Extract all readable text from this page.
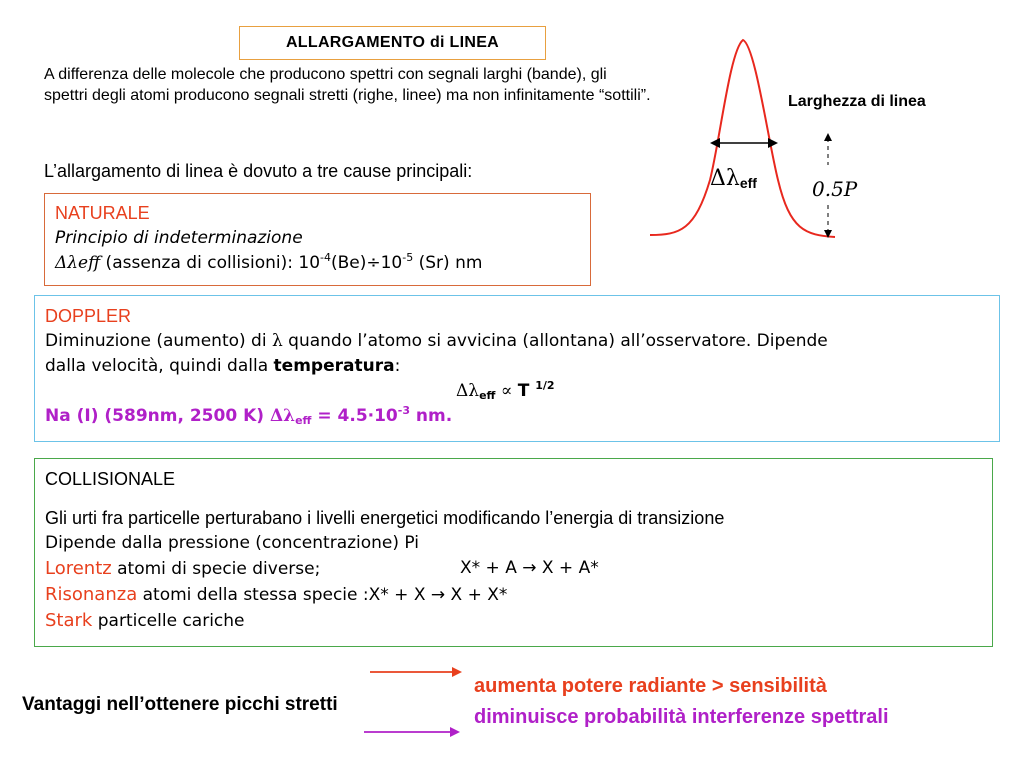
ALLARGAMENTO di LINEA
A differenza delle molecole che producono spettri con segnali larghi (bande), gli spettri degli atomi producono segnali stretti (righe, linee) ma non infinitamente “sottili”.
L’allargamento di linea è dovuto a tre cause principali:
Larghezza di linea
$\Delta\lambda_{eff}$	0.5P
NATURALE
Principio di indeterminazione
Δλeff (assenza di collisioni): $10^{-4}(Be)\div 10^{-5}$ (Sr) nm
DOPPLER
Diminuzione (aumento) di λ quando l’atomo si avvicina (allontana) all’osservatore. Dipende
dalla velocità, quindi dalla temperatura:
$\Delta\lambda_{eff} \propto T$ $^{1/2}$
Na (I) (589nm, 2500 K) $\Delta\lambda_{eff} = 4.5\cdot 10^{-3}$ nm.
COLLISIONALE
Gli urti fra particelle perturabano i livelli energetici modificando l’energia di transizione
Dipende dalla pressione (concentrazione) Pi
Lorentz atomi di specie diverse;	X* + A → X + A*
Risonanza atomi della stessa specie :X* + X → X + X*
Stark particelle cariche
Vantaggi nell’ottenere picchi stretti
aumenta potere radiante > sensibilità
diminuisce probabilità interferenze spettrali
